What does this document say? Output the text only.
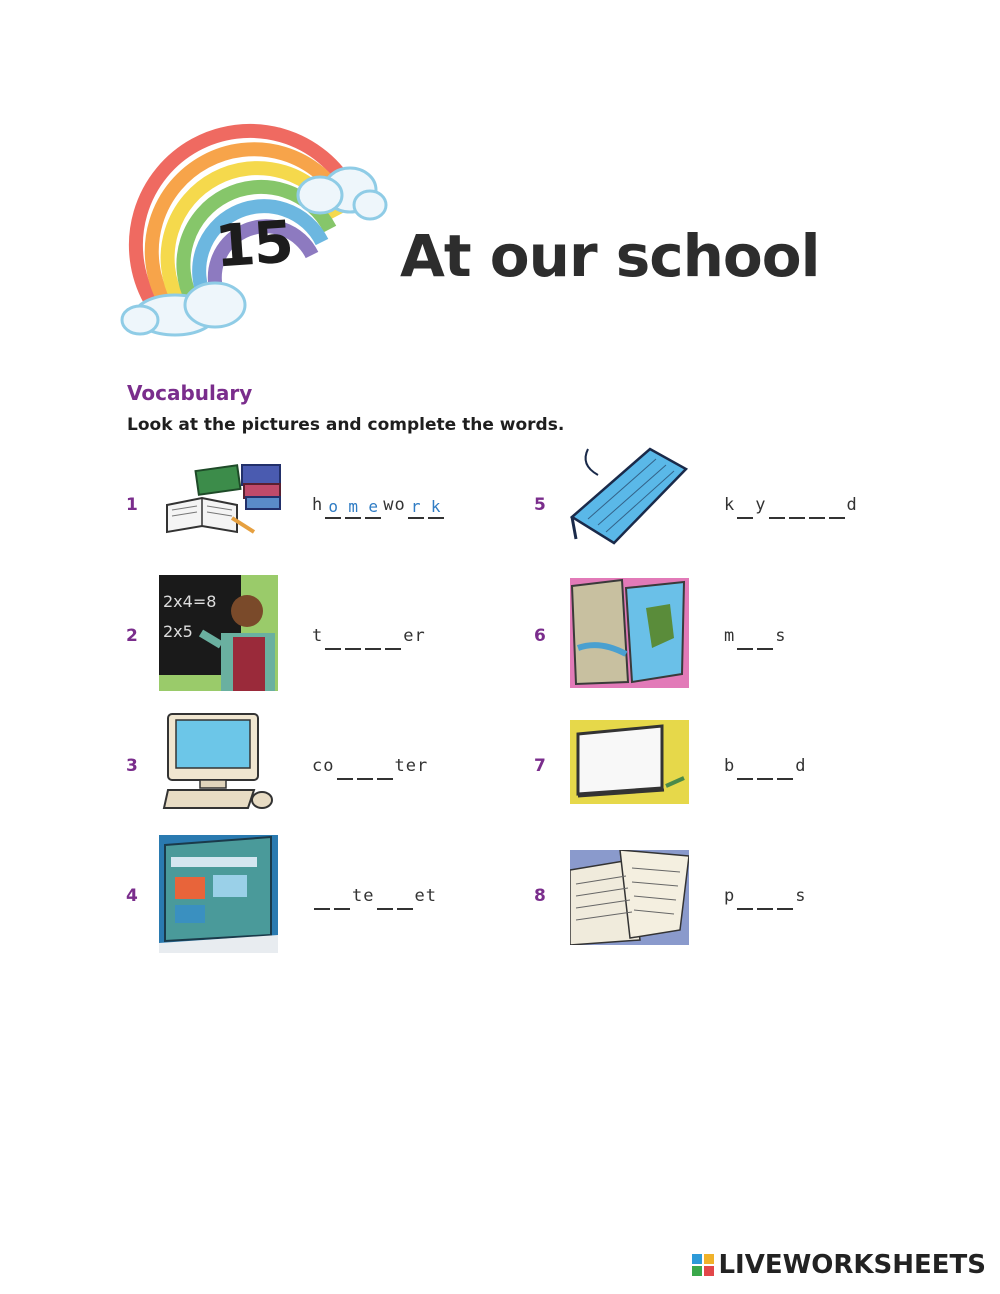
15 At our school
Vocabulary
Look at the pictures and complete the words.
1	home	work
2
2x4=8
2x5	t	er
3	co	ter
4	te et
5	k y	d
6	m s
7	b	d
8	p	s
LIVEWORKSHEETS
